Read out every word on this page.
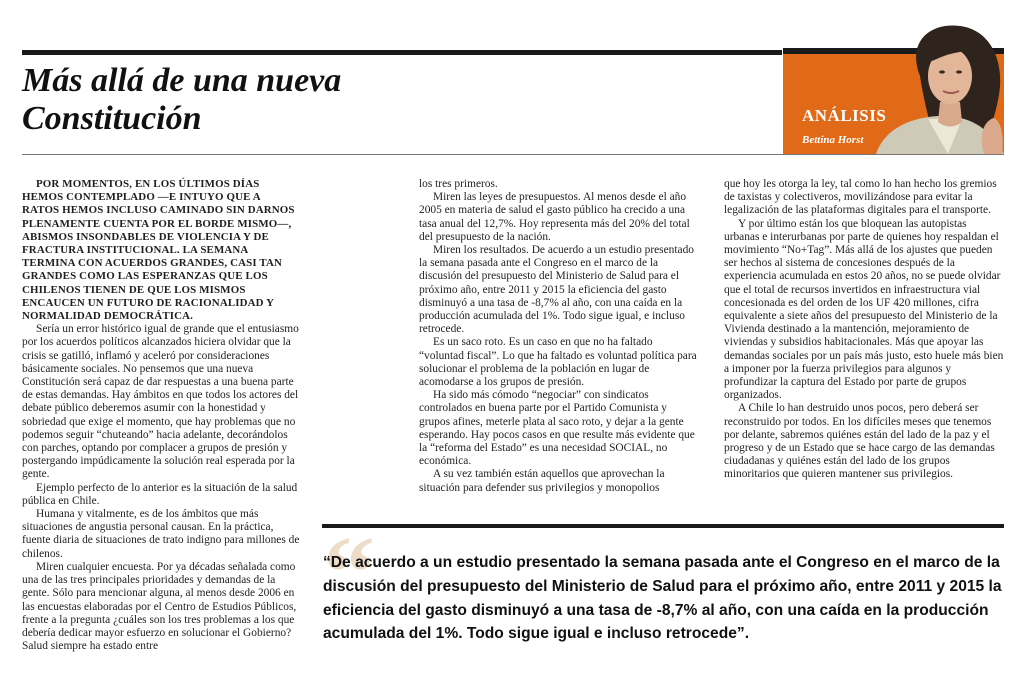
Más allá de una nueva
Constitución	ANÁLISIS

Bettina Horst

POR MOMENTOS, EN LOS ÚLTIMOS DÍAS HEMOS CONTEMPLADO —E INTUYO QUE A RATOS HEMOS INCLUSO CAMINADO SIN DARNOS PLENAMENTE CUENTA POR EL BORDE MISMO—, ABISMOS INSONDABLES DE VIOLENCIA Y DE FRACTURA INSTITUCIONAL. LA SEMANA TERMINA CON ACUERDOS GRANDES, CASI TAN GRANDES COMO LAS ESPERANZAS QUE LOS CHILENOS TIENEN DE QUE LOS MISMOS ENCAUCEN UN FUTURO DE RACIONALIDAD Y NORMALIDAD DEMOCRÁTICA.

Sería un error histórico igual de grande que el entusiasmo por los acuerdos políticos alcanzados hiciera olvidar que la crisis se gatilló, inflamó y aceleró por consideraciones básicamente sociales. No pensemos que una nueva Constitución será capaz de dar respuestas a una buena parte de estas demandas. Hay ámbitos en que todos los actores del debate público deberemos asumir con la honestidad y sobriedad que exige el momento, que hay problemas que no podemos seguir “chuteando” hacia adelante, decorándolos con parches, optando por complacer a grupos de presión y postergando impúdicamente la solución real esperada por la gente.

Ejemplo perfecto de lo anterior es la situación de la salud pública en Chile.

Humana y vitalmente, es de los ámbitos que más situaciones de angustia personal causan. En la práctica, fuente diaria de situaciones de trato indigno para millones de chilenos.

Miren cualquier encuesta. Por ya décadas señalada como una de las tres principales prioridades y demandas de la gente. Sólo para mencionar alguna, al menos desde 2006 en las encuestas elaboradas por el Centro de Estudios Públicos, frente a la pregunta ¿cuáles son los tres problemas a los que debería dedicar mayor esfuerzo en solucionar el Gobierno? Salud siempre ha estado entre

los tres primeros.

Miren las leyes de presupuestos. Al menos desde el año 2005 en materia de salud el gasto público ha crecido a una tasa anual del 12,7%. Hoy representa más del 20% del total del presupuesto de la nación.

Miren los resultados. De acuerdo a un estudio presentado la semana pasada ante el Congreso en el marco de la discusión del presupuesto del Ministerio de Salud para el próximo año, entre 2011 y 2015 la eficiencia del gasto disminuyó a una tasa de -8,7% al año, con una caída en la producción acumulada del 1%. Todo sigue igual, e incluso retrocede.

Es un saco roto. Es un caso en que no ha faltado “voluntad fiscal”. Lo que ha faltado es voluntad política para solucionar el problema de la población en lugar de acomodarse a los grupos de presión.

Ha sido más cómodo “negociar” con sindicatos controlados en buena parte por el Partido Comunista y grupos afines, meterle plata al saco roto, y dejar a la gente esperando. Hay pocos casos en que resulte más evidente que la “reforma del Estado” es una necesidad SOCIAL, no económica.

A su vez también están aquellos que aprovechan la situación para defender sus privilegios y monopolios

que hoy les otorga la ley, tal como lo han hecho los gremios de taxistas y colectiveros, movilizándose para evitar la legalización de las plataformas digitales para el transporte.

Y por último están los que bloquean las autopistas urbanas e interurbanas por parte de quienes hoy respaldan el movimiento “No+Tag”. Más allá de los ajustes que pueden ser hechos al sistema de concesiones después de la experiencia acumulada en estos 20 años, no se puede olvidar que el total de recursos invertidos en infraestructura vial concesionada es del orden de los UF 420 millones, cifra equivalente a siete años del presupuesto del Ministerio de la Vivienda destinado a la mantención, mejoramiento de viviendas y subsidios habitacionales. Más que apoyar las demandas sociales por un país más justo, esto huele más bien a imponer por la fuerza privilegios para algunos y profundizar la captura del Estado por parte de grupos organizados.

A Chile lo han destruido unos pocos, pero deberá ser reconstruido por todos. En los difíciles meses que tenemos por delante, sabremos quiénes están del lado de la paz y el progreso y de un Estado que se hace cargo de las demandas ciudadanas y quiénes están del lado de los grupos minoritarios que quieren mantener sus privilegios.

“

“De acuerdo a un estudio presentado la semana pasada ante el Congreso en el marco de la discusión del presupuesto del Ministerio de Salud para el próximo año, entre 2011 y 2015 la eficiencia del gasto disminuyó a una tasa de -8,7% al año, con una caída en la producción acumulada del 1%. Todo sigue igual e incluso retrocede”.
